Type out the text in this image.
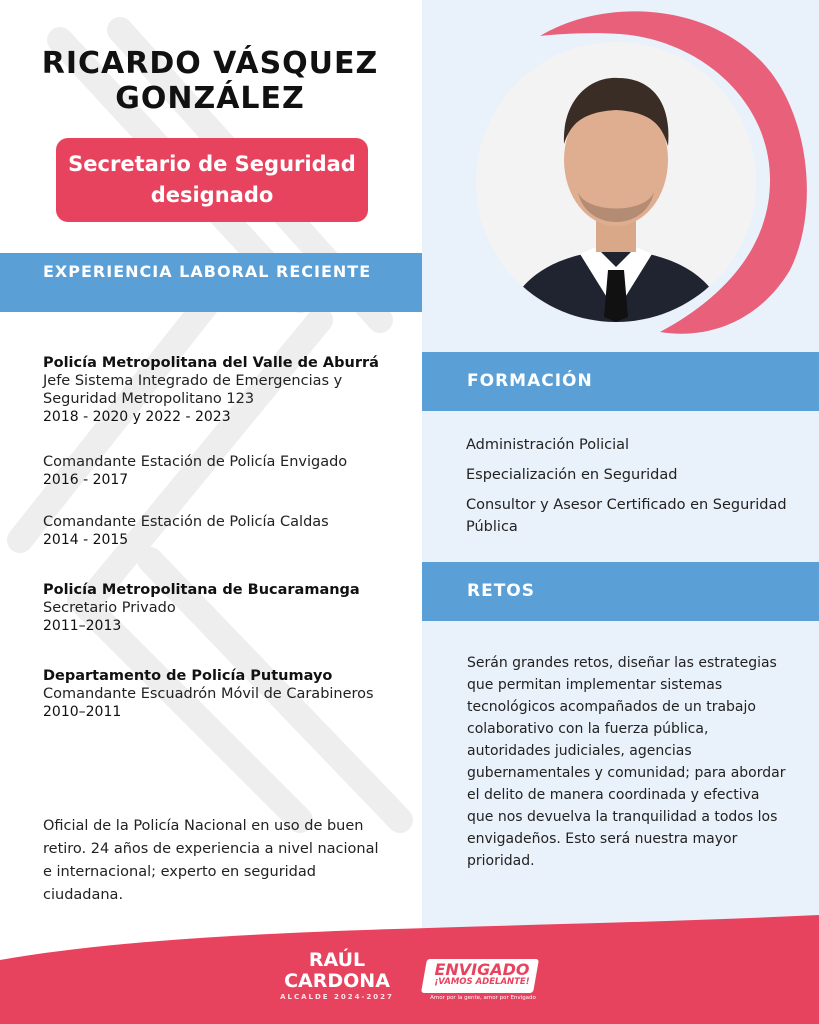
RICARDO VÁSQUEZ GONZÁLEZ
Secretario de Seguridad designado
EXPERIENCIA LABORAL RECIENTE
Policía Metropolitana del Valle de Aburrá
Jefe Sistema Integrado de Emergencias y Seguridad Metropolitano 123
2018 - 2020 y 2022 - 2023
Comandante Estación de Policía Envigado
2016 - 2017
Comandante Estación de Policía Caldas
2014 - 2015
Policía Metropolitana de Bucaramanga
Secretario Privado
2011–2013
Departamento de Policía Putumayo
Comandante Escuadrón Móvil de Carabineros
2010–2011
Oficial de la Policía Nacional en uso de buen retiro. 24 años de experiencia a nivel nacional e internacional; experto en seguridad ciudadana.
FORMACIÓN
Administración Policial
Especialización en Seguridad
Consultor y Asesor Certificado en Seguridad Pública
RETOS
Serán grandes retos, diseñar las estrategias que permitan implementar sistemas tecnológicos acompañados de un trabajo colaborativo con la fuerza pública, autoridades judiciales, agencias gubernamentales y comunidad; para abordar el delito de manera coordinada y efectiva que nos devuelva la tranquilidad a todos los envigadeños. Esto será nuestra mayor prioridad.
RAÚL
CARDONA
ALCALDE 2024-2027
ENVIGADO
¡VAMOS ADELANTE!
Amor por la gente, amor por Envigado
